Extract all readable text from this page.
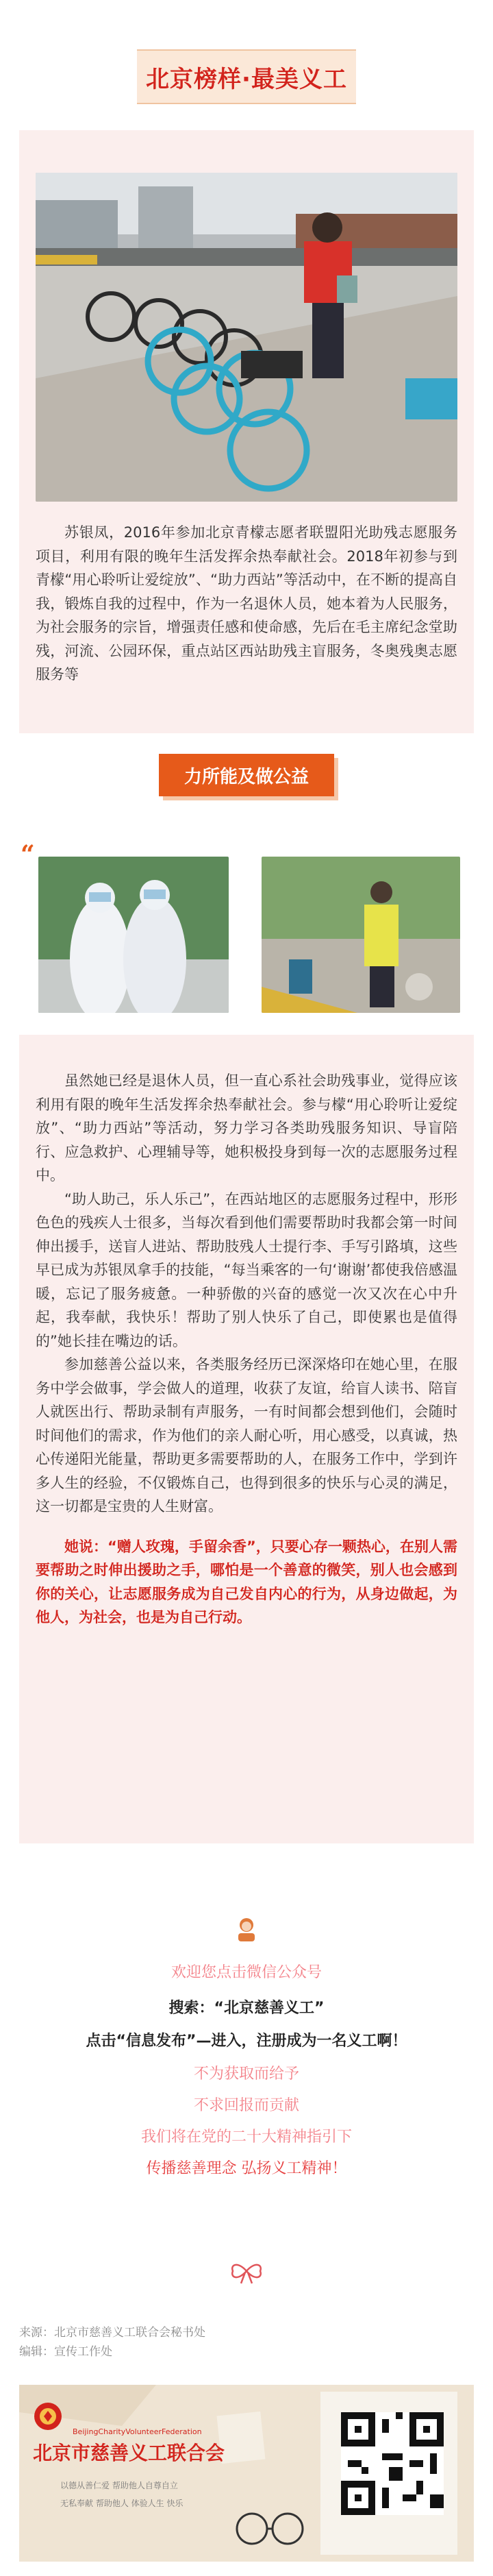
北京榜样·最美义工

苏银凤，2016年参加北京青檬志愿者联盟阳光助残志愿服务项目，利用有限的晚年生活发挥余热奉献社会。2018年初参与到青檬“用心聆听让爱绽放”、“助力西站”等活动中，在不断的提高自我，锻炼自我的过程中，作为一名退休人员，她本着为人民服务，为社会服务的宗旨，增强责任感和使命感，先后在毛主席纪念堂助残，河流、公园环保，重点站区西站助残主盲服务，冬奥残奥志愿服务等

力所能及做公益
“

虽然她已经是退休人员，但一直心系社会助残事业，觉得应该利用有限的晚年生活发挥余热奉献社会。参与檬“用心聆听让爱绽放”、“助力西站”等活动，努力学习各类助残服务知识、导盲陪行、应急救护、心理辅导等，她积极投身到每一次的志愿服务过程中。

“助人助己，乐人乐己”，在西站地区的志愿服务过程中，形形色色的残疾人士很多，当每次看到他们需要帮助时我都会第一时间伸出援手，送盲人进站、帮助肢残人士提行李、手写引路填，这些早已成为苏银凤拿手的技能，“每当乘客的一句‘谢谢’都使我倍感温暖，忘记了服务疲惫。一种骄傲的兴奋的感觉一次又次在心中升起，我奉献，我快乐！帮助了别人快乐了自己，即使累也是值得的”她长挂在嘴边的话。

参加慈善公益以来，各类服务经历已深深烙印在她心里，在服务中学会做事，学会做人的道理，收获了友谊，给盲人读书、陪盲人就医出行、帮助录制有声服务，一有时间都会想到他们，会随时时间他们的需求，作为他们的亲人耐心听，用心感受，以真诚，热心传递阳光能量，帮助更多需要帮助的人，在服务工作中，学到许多人生的经验，不仅锻炼自己，也得到很多的快乐与心灵的满足，这一切都是宝贵的人生财富。

她说：“赠人玫瑰，手留余香”，只要心存一颗热心，在别人需要帮助之时伸出援助之手，哪怕是一个善意的微笑，别人也会感到你的关心，让志愿服务成为自己发自内心的行为，从身边做起，为他人，为社会，也是为自己行动。

欢迎您点击微信公众号
搜索：“北京慈善义工”
点击“信息发布”—进入，注册成为一名义工啊！
不为获取而给予
不求回报而贡献
我们将在党的二十大精神指引下
传播慈善理念 弘扬义工精神！
来源：北京市慈善义工联合会秘书处
编辑：宣传工作处
BeijingCharityVolunteerFederation
北京市慈善义工联合会
以德从善仁爱 帮助他人自尊自立
无私奉献 帮助他人 体验人生 快乐
